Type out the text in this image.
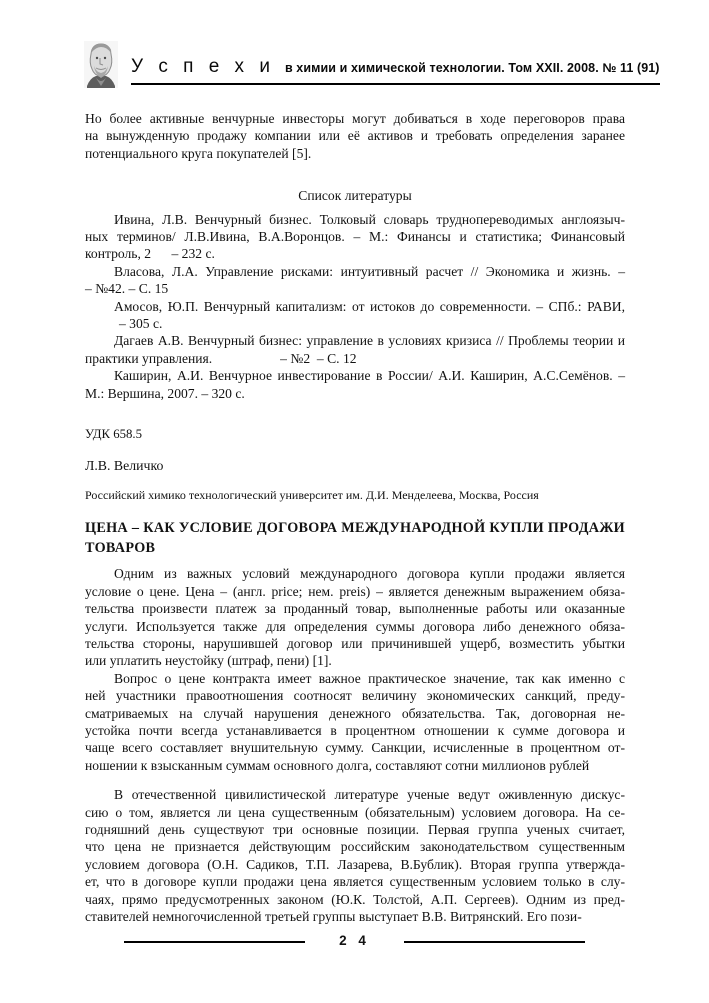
У с п е х и в химии и химической технологии. Том XXII. 2008. № 11 (91)
Но более активные венчурные инвесторы могут добиваться в ходе переговоров права
на вынужденную продажу компании или её активов и требовать определения заранее
потенциального круга покупателей [5].
Список литературы
Ивина, Л.В. Венчурный бизнес. Толковый словарь труднопереводимых англоязыч-
ных терминов/ Л.В.Ивина, В.А.Воронцов. – М.: Финансы и статистика; Финансовый
контроль, 2      – 232 с.
Власова, Л.А. Управление рисками: интуитивный расчет // Экономика и жизнь. –
– №42. – С. 15
Амосов, Ю.П. Венчурный капитализм: от истоков до современности. – СПб.: РАВИ,
– 305 с.
Дагаев А.В. Венчурный бизнес: управление в условиях кризиса // Проблемы теории и
практики управления.                    – №2  – С. 12
Каширин, А.И. Венчурное инвестирование в России/ А.И. Каширин, А.С.Семёнов. –
М.: Вершина, 2007. – 320 с.
УДК 658.5
Л.В. Величко
Российский химико технологический университет им. Д.И. Менделеева, Москва, Россия
ЦЕНА – КАК УСЛОВИЕ ДОГОВОРА МЕЖДУНАРОДНОЙ КУПЛИ ПРОДАЖИ
ТОВАРОВ
Одним из важных условий международного договора купли продажи является
условие о цене. Цена – (англ. price; нем. preis) – является денежным выражением обяза-
тельства произвести платеж за проданный товар, выполненные работы или оказанные
услуги. Используется также для определения суммы договора либо денежного обяза-
тельства стороны, нарушившей договор или причинившей ущерб, возместить убытки
или уплатить неустойку (штраф, пени) [1].
Вопрос о цене контракта имеет важное практическое значение, так как именно с
ней участники правоотношения соотносят величину экономических санкций, преду-
сматриваемых на случай нарушения денежного обязательства. Так, договорная не-
устойка почти всегда устанавливается в процентном отношении к сумме договора и
чаще всего составляет внушительную сумму. Санкции, исчисленные в процентном от-
ношении к взысканным суммам основного долга, составляют сотни миллионов рублей
В отечественной цивилистической литературе ученые ведут оживленную дискус-
сию о том, является ли цена существенным (обязательным) условием договора. На се-
годняшний день существуют три основные позиции. Первая группа ученых считает,
что цена не признается действующим российским законодательством существенным
условием договора (О.Н. Садиков, Т.П. Лазарева, В.Бублик). Вторая группа утвержда-
ет, что в договоре купли продажи цена является существенным условием только в слу-
чаях, прямо предусмотренных законом (Ю.К. Толстой, А.П. Сергеев). Одним из пред-
ставителей немногочисленной третьей группы выступает В.В. Витрянский. Его пози-
2 4
